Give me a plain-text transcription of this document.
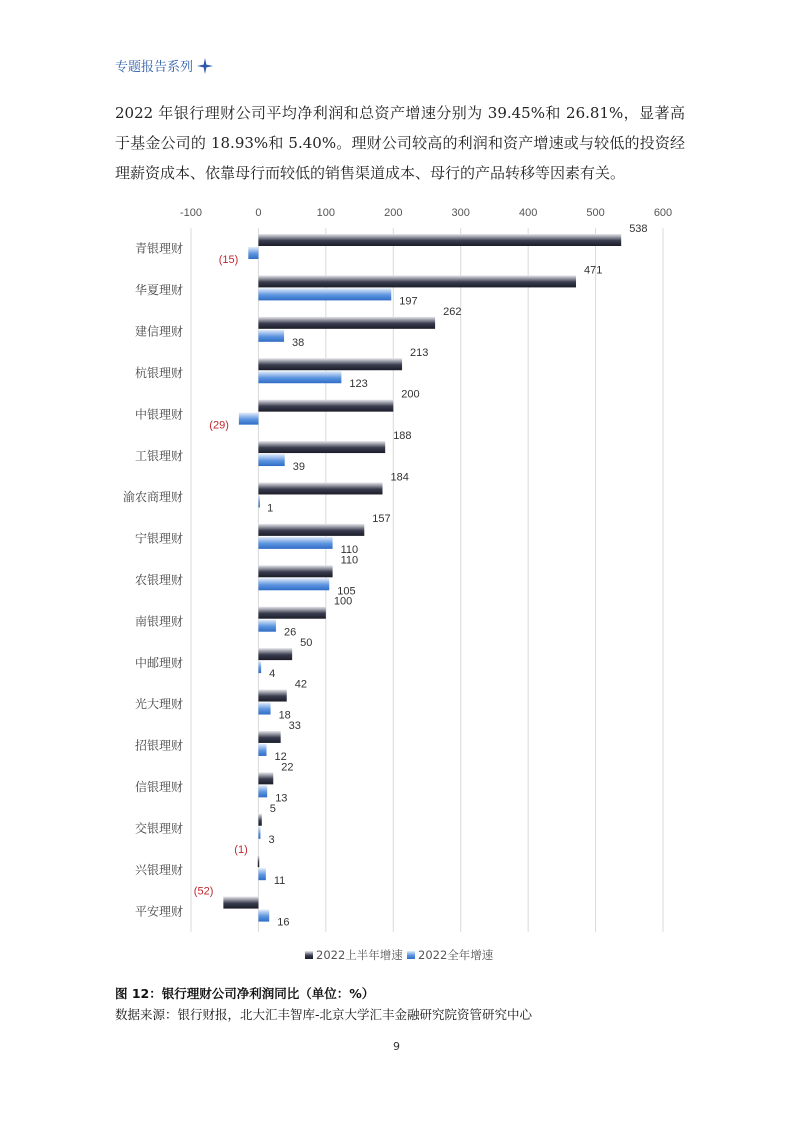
专题报告系列
2022 年银行理财公司平均净利润和总资产增速分别为 39.45%和 26.81%，显著高于基金公司的 18.93%和 5.40%。理财公司较高的利润和资产增速或与较低的投资经理薪资成本、依靠母行而较低的销售渠道成本、母行的产品转移等因素有关。
-100	0	100	200	300	400	500	600
青银理财
538
(15)
华夏理财
471
197
建信理财
262
38
杭银理财
213
123
中银理财
200
(29)
工银理财
188
39
渝农商理财
184
1
宁银理财
157
110
农银理财
110
105
南银理财
100
26
中邮理财
50
4
光大理财
42
18
招银理财
33
12
信银理财
22
13
交银理财
5
3
兴银理财
(1)
11
平安理财
(52)
16
2022上半年增速 2022全年增速
图 12：银行理财公司净利润同比（单位：%）
数据来源：银行财报，北大汇丰智库-北京大学汇丰金融研究院资管研究中心
9
